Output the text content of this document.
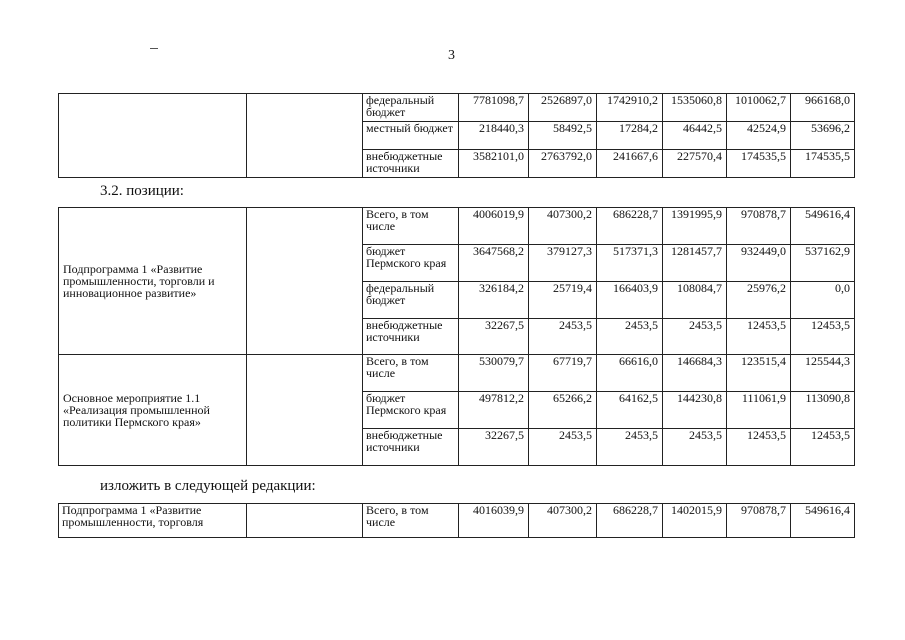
3
		федеральный бюджет	7781098,7	2526897,0	1742910,2	1535060,8	1010062,7	966168,0
		местный бюджет	218440,3	58492,5	17284,2	46442,5	42524,9	53696,2
		внебюджетные источники	3582101,0	2763792,0	241667,6	227570,4	174535,5	174535,5
3.2. позиции:
Подпрограмма 1 «Развитие промышленности, торговли и инновационное развитие»		Всего, в том числе	4006019,9	407300,2	686228,7	1391995,9	970878,7	549616,4
		бюджет Пермского края	3647568,2	379127,3	517371,3	1281457,7	932449,0	537162,9
		федеральный бюджет	326184,2	25719,4	166403,9	108084,7	25976,2	0,0
		внебюджетные источники	32267,5	2453,5	2453,5	2453,5	12453,5	12453,5
Основное мероприятие 1.1 «Реализация промышленной политики Пермского края»		Всего, в том числе	530079,7	67719,7	66616,0	146684,3	123515,4	125544,3
		бюджет Пермского края	497812,2	65266,2	64162,5	144230,8	111061,9	113090,8
		внебюджетные источники	32267,5	2453,5	2453,5	2453,5	12453,5	12453,5
изложить в следующей редакции:
Подпрограмма 1 «Развитие промышленности, торговля		Всего, в том числе	4016039,9	407300,2	686228,7	1402015,9	970878,7	549616,4
